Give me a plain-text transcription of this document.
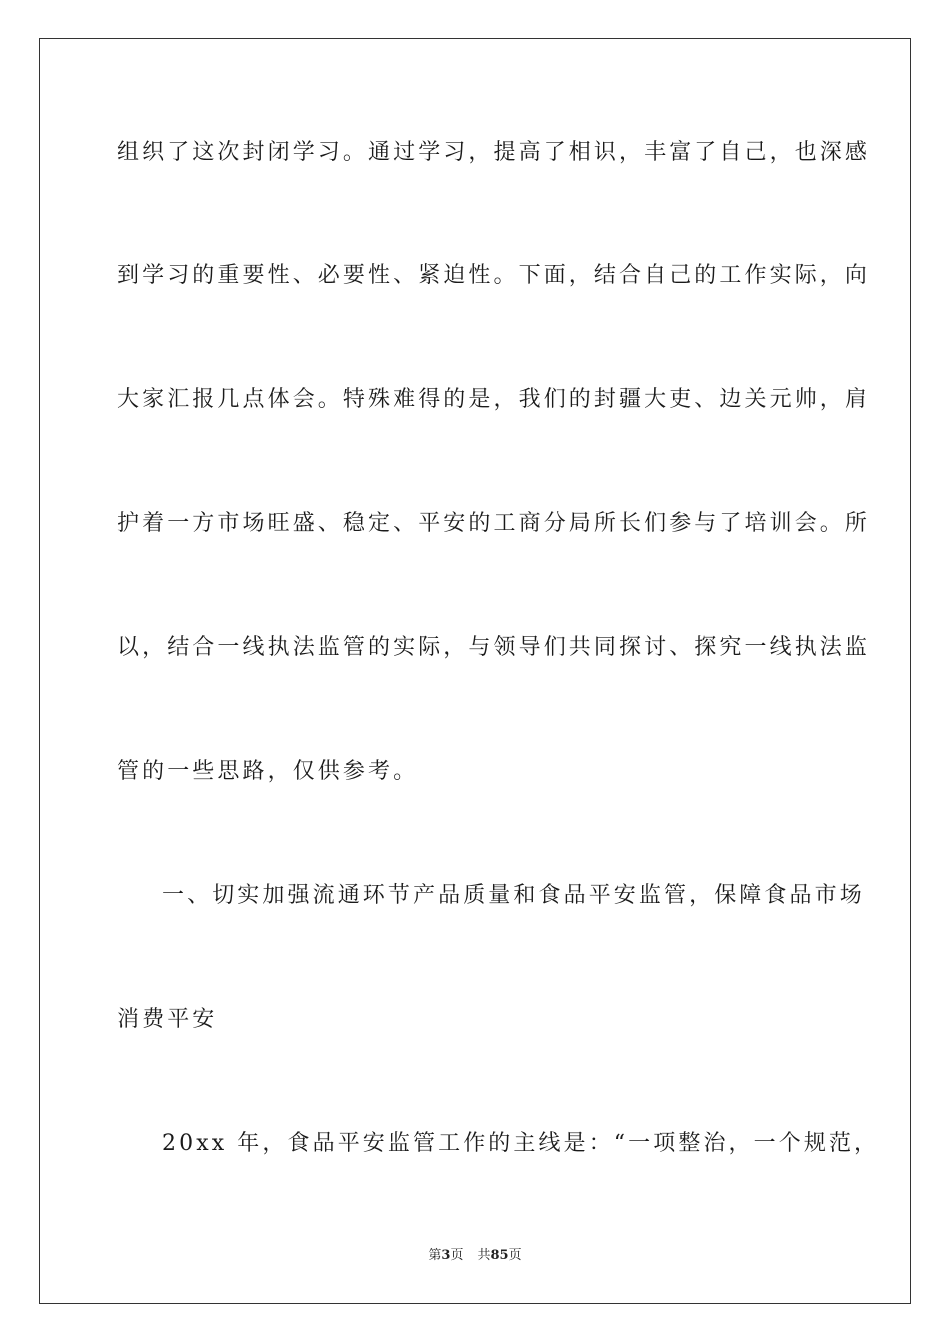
组织了这次封闭学习。通过学习，提高了相识，丰富了自己，也深感
到学习的重要性、必要性、紧迫性。下面，结合自己的工作实际，向
大家汇报几点体会。特殊难得的是，我们的封疆大吏、边关元帅，肩
护着一方市场旺盛、稳定、平安的工商分局所长们参与了培训会。所
以，结合一线执法监管的实际，与领导们共同探讨、探究一线执法监
管的一些思路，仅供参考。
一、切实加强流通环节产品质量和食品平安监管，保障食品市场
消费平安
20xx 年，食品平安监管工作的主线是：“一项整治，一个规范，
第3页 共85页
